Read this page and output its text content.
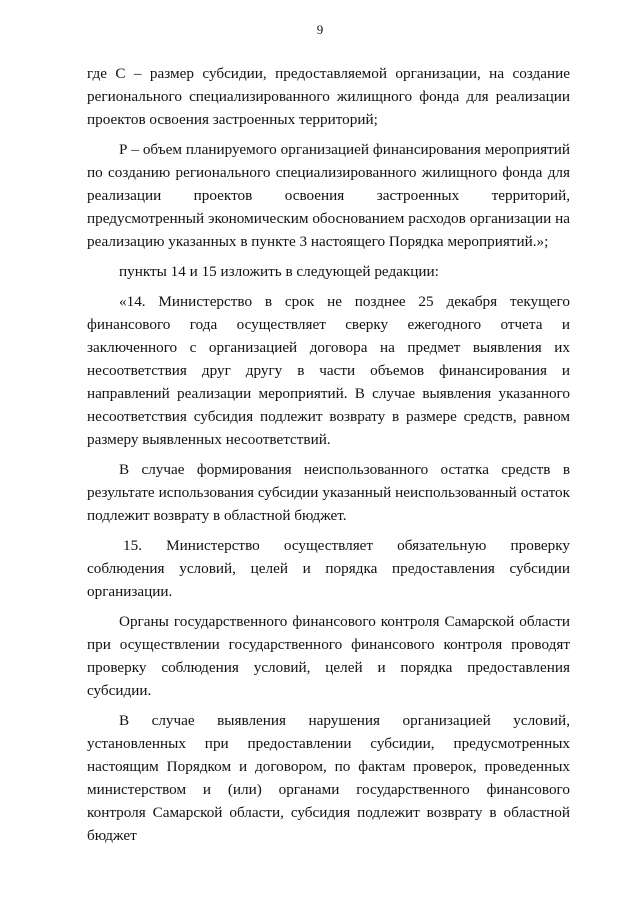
9

где С – размер субсидии, предоставляемой организации, на создание регионального специализированного жилищного фонда для реализации проектов освоения застроенных территорий;

Р – объем планируемого организацией финансирования мероприятий по созданию регионального специализированного жилищного фонда для реализации проектов освоения застроенных территорий, предусмотренный экономическим обоснованием расходов организации на реализацию указанных в пункте 3 настоящего Порядка мероприятий.»;

пункты 14 и 15 изложить в следующей редакции:

«14. Министерство в срок не позднее 25 декабря текущего финансового года осуществляет сверку ежегодного отчета и заключенного с организацией договора на предмет выявления их несоответствия друг другу в части объемов финансирования и направлений реализации мероприятий. В случае выявления указанного несоответствия субсидия подлежит возврату в размере средств, равном размеру выявленных несоответствий.

В случае формирования неиспользованного остатка средств в результате использования субсидии указанный неиспользованный остаток подлежит возврату в областной бюджет.

15. Министерство осуществляет обязательную проверку соблюдения условий, целей и порядка предоставления субсидии организации.

Органы государственного финансового контроля Самарской области при осуществлении государственного финансового контроля проводят проверку соблюдения условий, целей и порядка предоставления субсидии.

В случае выявления нарушения организацией условий, установленных при предоставлении субсидии, предусмотренных настоящим Порядком и договором, по фактам проверок, проведенных министерством и (или) органами государственного финансового контроля Самарской области, субсидия подлежит возврату в областной бюджет
